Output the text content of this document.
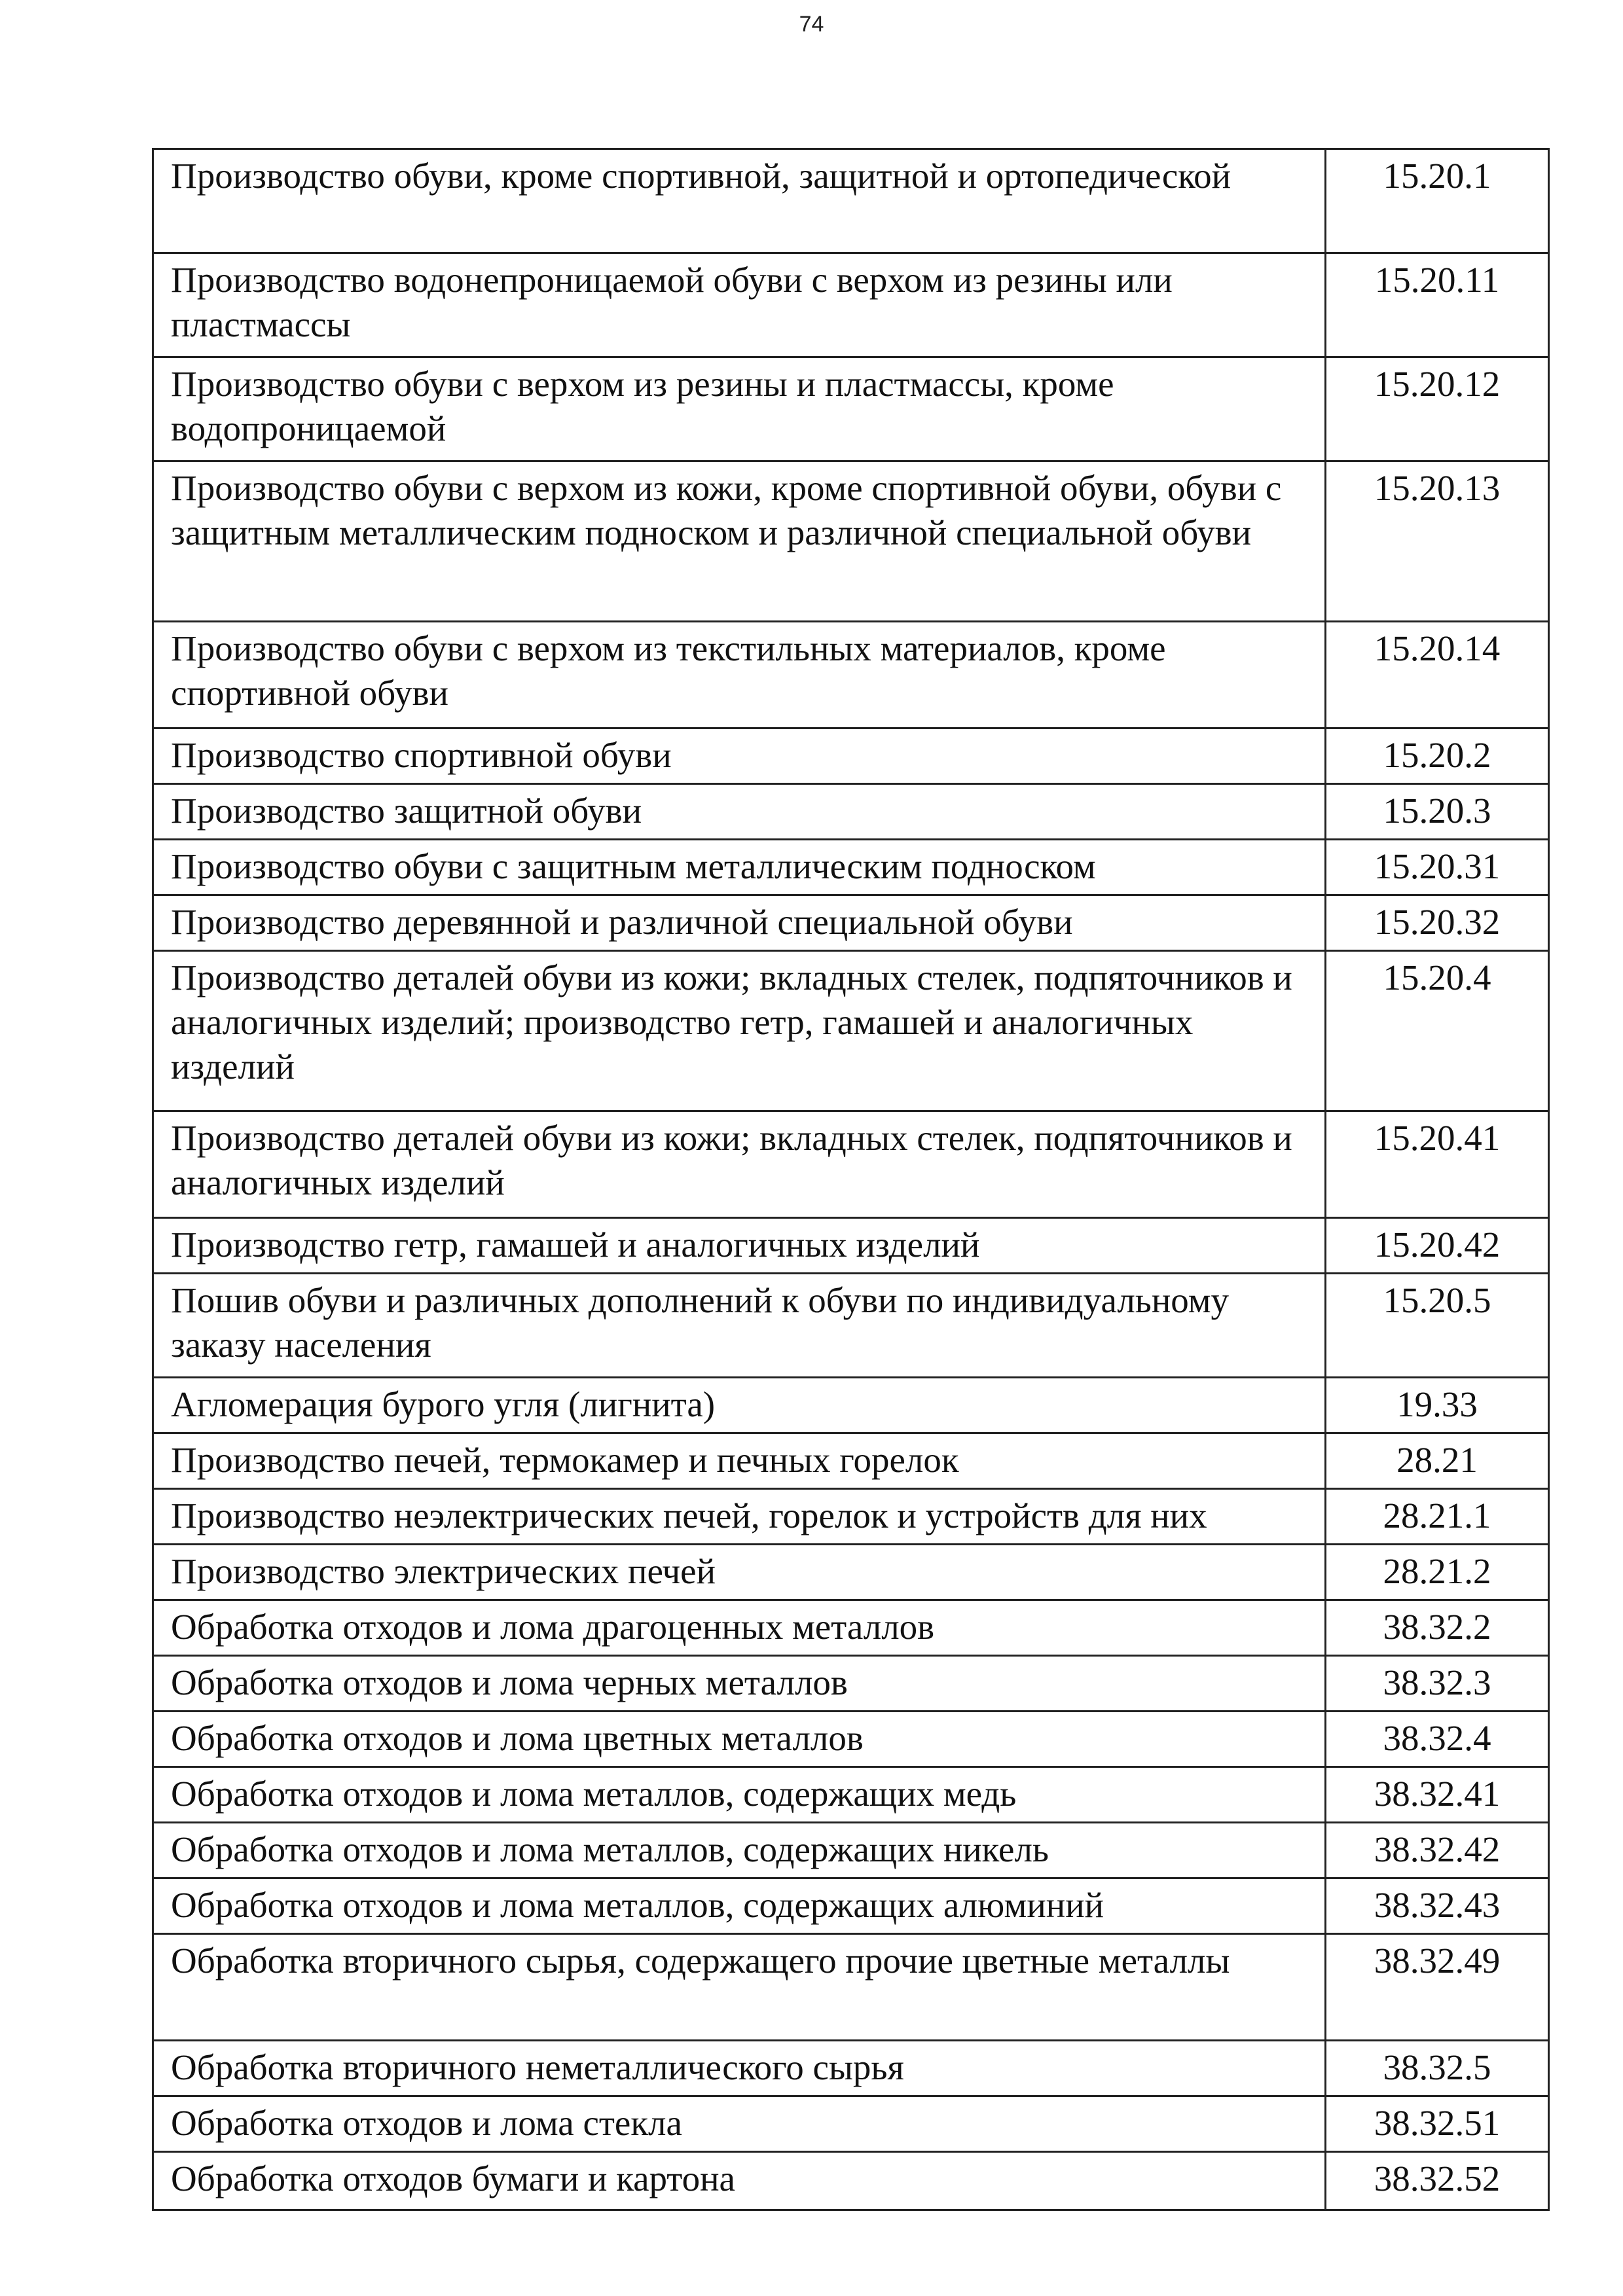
74
Производство обуви, кроме спортивной, защитной и ортопедической	15.20.1
Производство водонепроницаемой обуви с верхом из резины или пластмассы	15.20.11
Производство обуви с верхом из резины и пластмассы, кроме водопроницаемой	15.20.12
Производство обуви с верхом из кожи, кроме спортивной обуви, обуви с защитным металлическим подноском и различной специальной обуви	15.20.13
Производство обуви с верхом из текстильных материалов, кроме спортивной обуви	15.20.14
Производство спортивной обуви	15.20.2
Производство защитной обуви	15.20.3
Производство обуви с защитным металлическим подноском	15.20.31
Производство деревянной и различной специальной обуви	15.20.32
Производство деталей обуви из кожи; вкладных стелек, подпяточников и аналогичных изделий; производство гетр, гамашей и аналогичных изделий	15.20.4
Производство деталей обуви из кожи; вкладных стелек, подпяточников и аналогичных изделий	15.20.41
Производство гетр, гамашей и аналогичных изделий	15.20.42
Пошив обуви и различных дополнений к обуви по индивидуальному заказу населения	15.20.5
Агломерация бурого угля (лигнита)	19.33
Производство печей, термокамер и печных горелок	28.21
Производство неэлектрических печей, горелок и устройств для них	28.21.1
Производство электрических печей	28.21.2
Обработка отходов и лома драгоценных металлов	38.32.2
Обработка отходов и лома черных металлов	38.32.3
Обработка отходов и лома цветных металлов	38.32.4
Обработка отходов и лома металлов, содержащих медь	38.32.41
Обработка отходов и лома металлов, содержащих никель	38.32.42
Обработка отходов и лома металлов, содержащих алюминий	38.32.43
Обработка вторичного сырья, содержащего прочие цветные металлы	38.32.49
Обработка вторичного неметаллического сырья	38.32.5
Обработка отходов и лома стекла	38.32.51
Обработка отходов бумаги и картона	38.32.52
